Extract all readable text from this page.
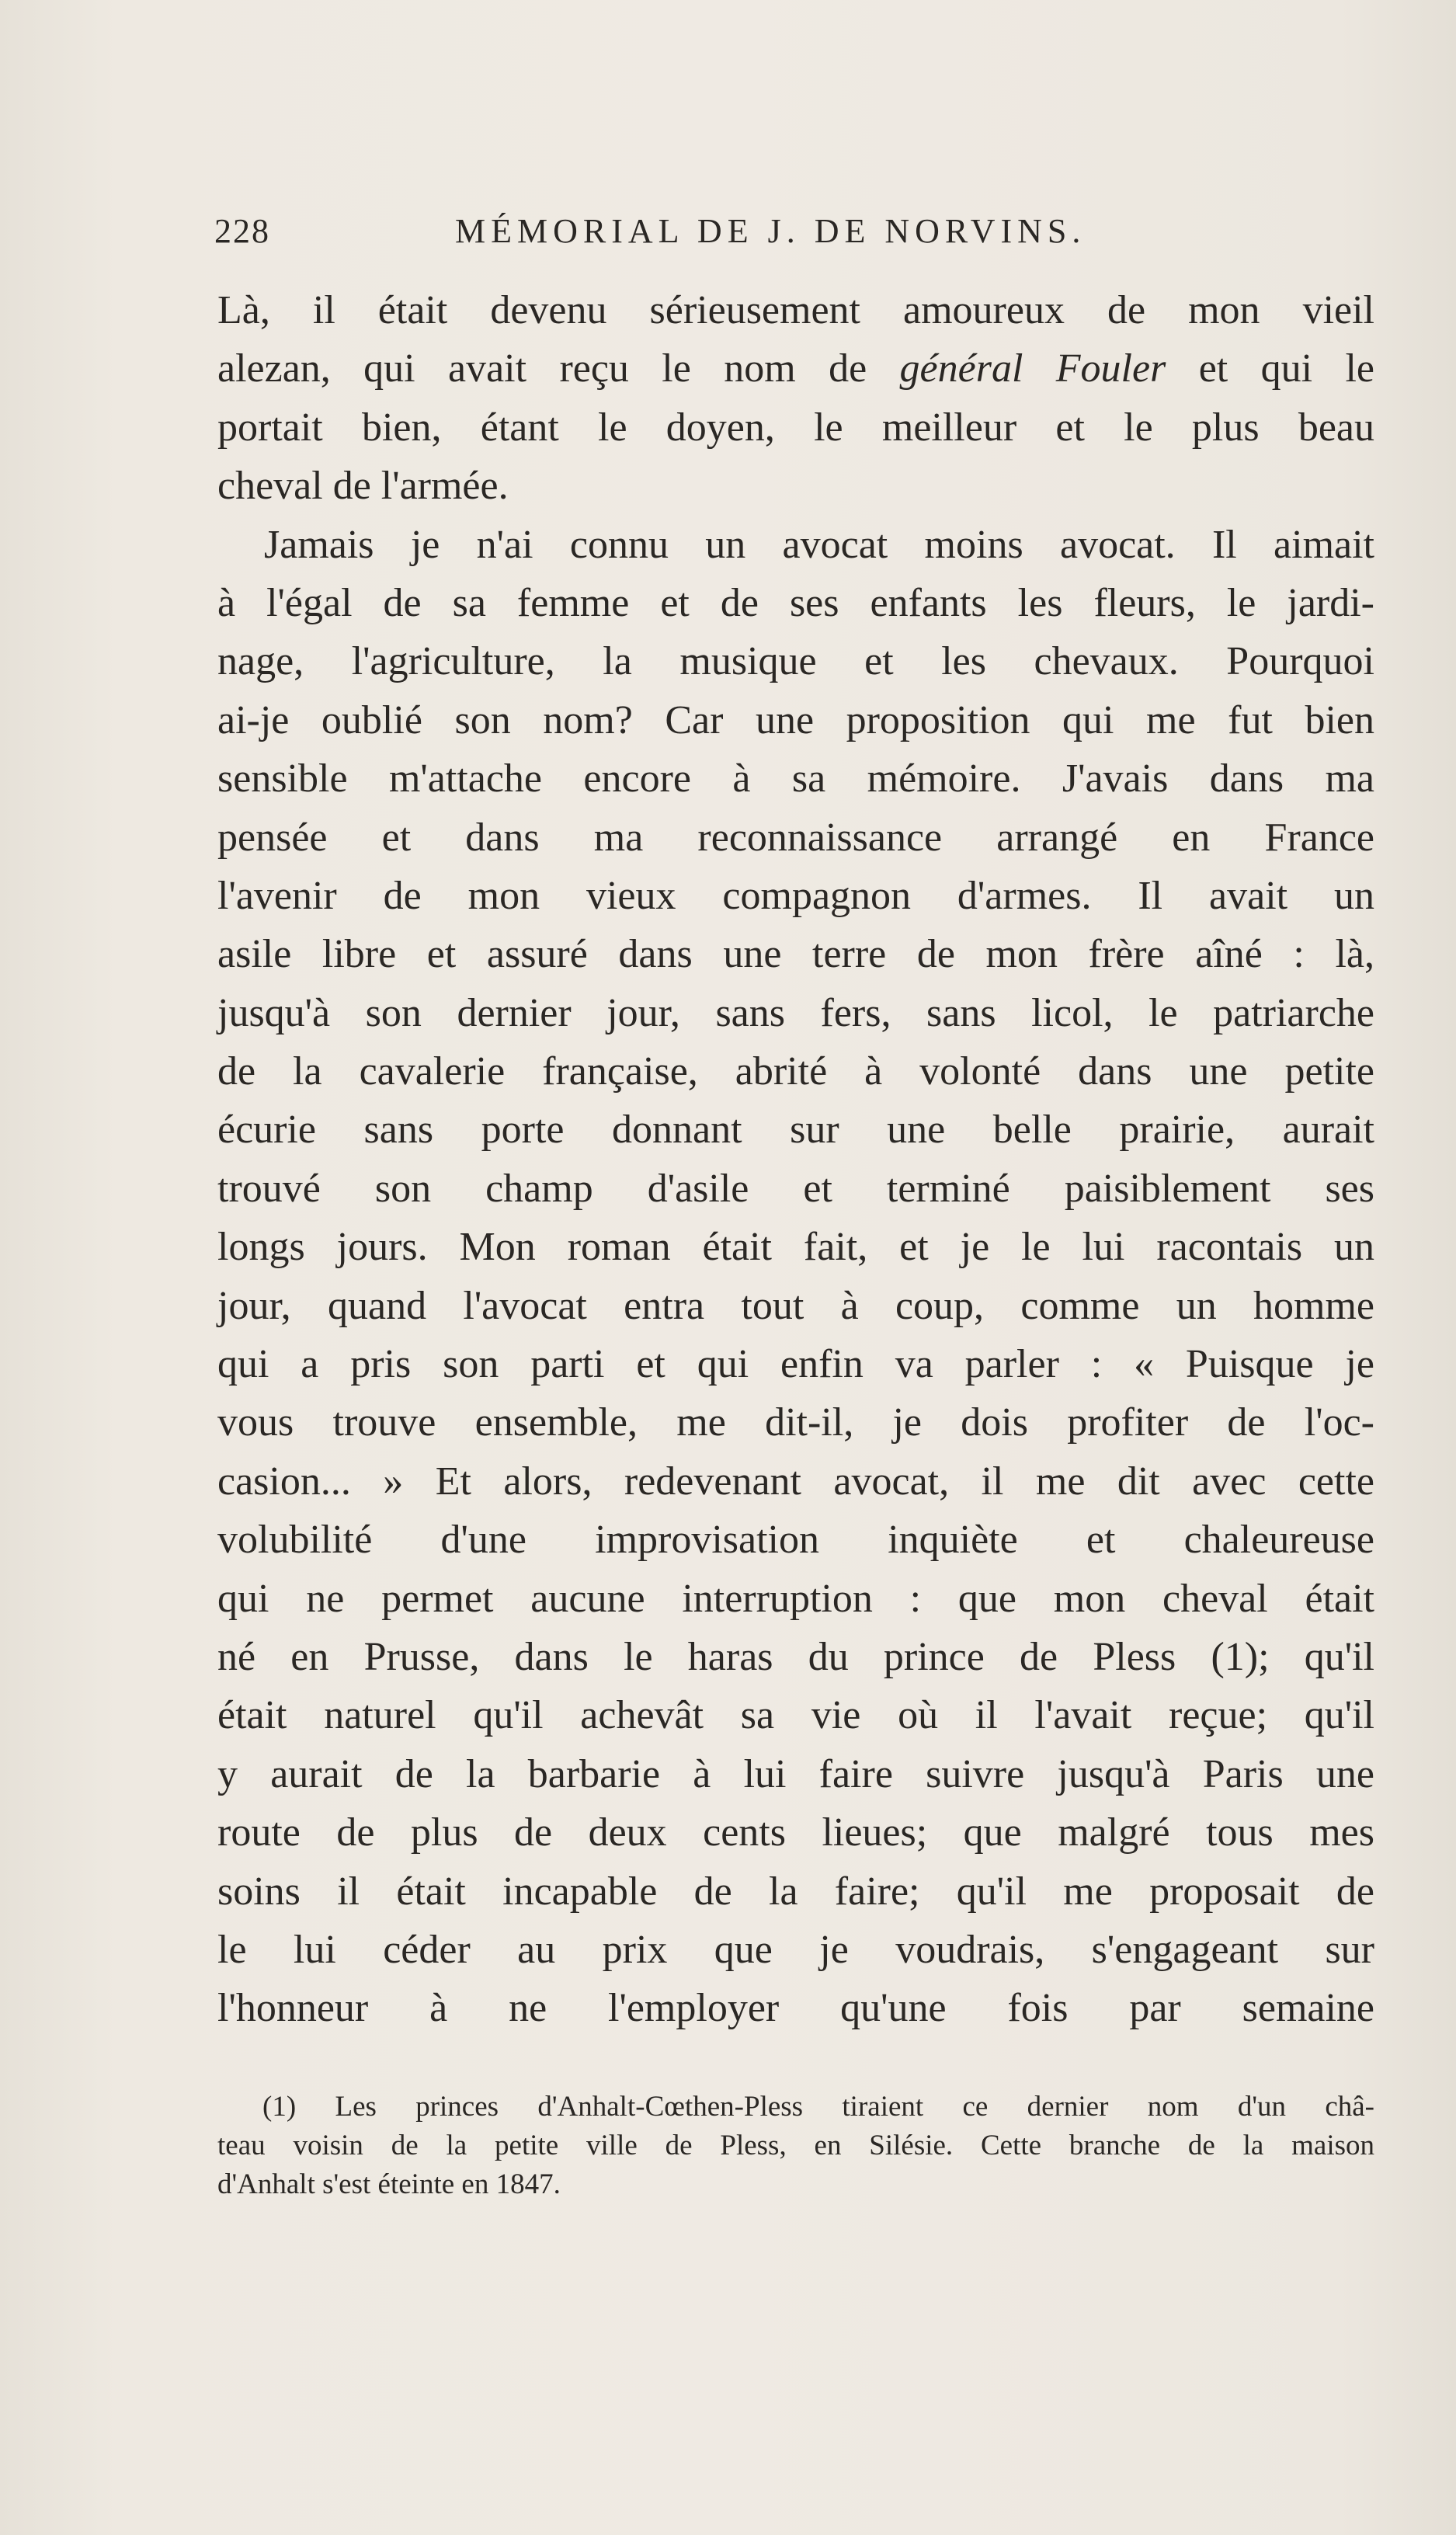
228	MÉMORIAL DE J. DE NORVINS.
Là, il était devenu sérieusement amoureux de mon vieil
alezan, qui avait reçu le nom de général Fouler et qui le
portait bien, étant le doyen, le meilleur et le plus beau
cheval de l'armée.
Jamais je n'ai connu un avocat moins avocat. Il aimait
à l'égal de sa femme et de ses enfants les fleurs, le jardi-
nage, l'agriculture, la musique et les chevaux. Pourquoi
ai-je oublié son nom? Car une proposition qui me fut bien
sensible m'attache encore à sa mémoire. J'avais dans ma
pensée et dans ma reconnaissance arrangé en France
l'avenir de mon vieux compagnon d'armes. Il avait un
asile libre et assuré dans une terre de mon frère aîné : là,
jusqu'à son dernier jour, sans fers, sans licol, le patriarche
de la cavalerie française, abrité à volonté dans une petite
écurie sans porte donnant sur une belle prairie, aurait
trouvé son champ d'asile et terminé paisiblement ses
longs jours. Mon roman était fait, et je le lui racontais un
jour, quand l'avocat entra tout à coup, comme un homme
qui a pris son parti et qui enfin va parler : « Puisque je
vous trouve ensemble, me dit-il, je dois profiter de l'oc-
casion... » Et alors, redevenant avocat, il me dit avec cette
volubilité d'une improvisation inquiète et chaleureuse
qui ne permet aucune interruption : que mon cheval était
né en Prusse, dans le haras du prince de Pless (1); qu'il
était naturel qu'il achevât sa vie où il l'avait reçue; qu'il
y aurait de la barbarie à lui faire suivre jusqu'à Paris une
route de plus de deux cents lieues; que malgré tous mes
soins il était incapable de la faire; qu'il me proposait de
le lui céder au prix que je voudrais, s'engageant sur
l'honneur à ne l'employer qu'une fois par semaine
(1) Les princes d'Anhalt-Cœthen-Pless tiraient ce dernier nom d'un châ-
teau voisin de la petite ville de Pless, en Silésie. Cette branche de la maison
d'Anhalt s'est éteinte en 1847.
